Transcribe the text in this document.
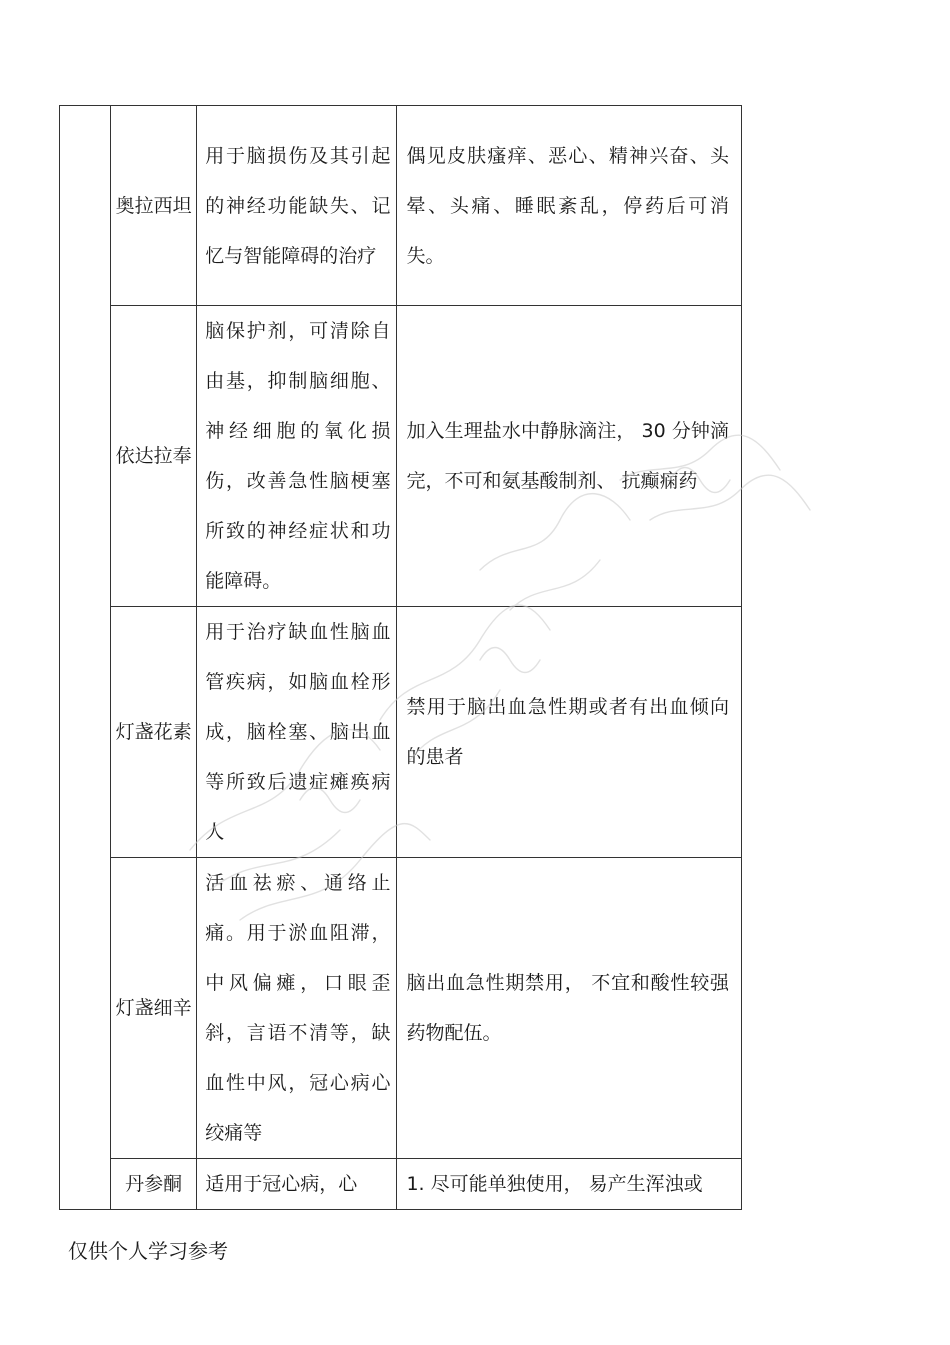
	奥拉西坦	用于脑损伤及其引起的神经功能缺失、记忆与智能障碍的治疗	偶见皮肤瘙痒、恶心、精神兴奋、头晕、头痛、睡眠紊乱，停药后可消失。
	依达拉奉	脑保护剂，可清除自由基，抑制脑细胞、神经细胞的氧化损伤，改善急性脑梗塞所致的神经症状和功能障碍。	加入生理盐水中静脉滴注， 30 分钟滴完，不可和氨基酸制剂、 抗癫痫药
	灯盏花素	用于治疗缺血性脑血管疾病，如脑血栓形成，脑栓塞、脑出血等所致后遗症瘫痪病人	禁用于脑出血急性期或者有出血倾向的患者
	灯盏细辛	活血祛瘀、通络止痛。用于淤血阻滞，中风偏瘫，口眼歪斜，言语不清等，缺血性中风，冠心病心绞痛等	脑出血急性期禁用， 不宜和酸性较强药物配伍。
	丹参酮	适用于冠心病，心	1. 尽可能单独使用， 易产生浑浊或
仅供个人学习参考
